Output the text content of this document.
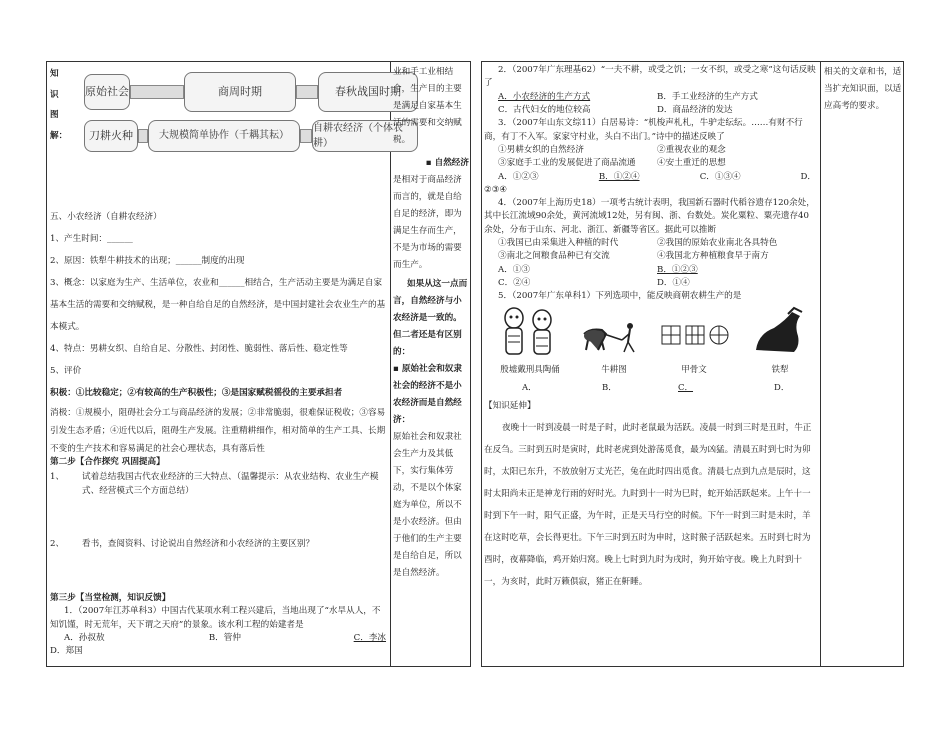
知
识
图
解：
原始社会	商周时期	春秋战国时期
刀耕火种	大规模简单协作（千耦其耘）
自耕农经济（个体农耕）

五、小农经济（自耕农经济）

1、产生时间：______

2、原因：铁犁牛耕技术的出现；______制度的出现

3、概念：以家庭为生产、生活单位，农业和______相结合，生产活动主要是为满足自家基本生活的需要和交纳赋税，是一种自给自足的自然经济，是中国封建社会农业生产的基本模式。

4、特点：男耕女织、自给自足、分散性、封闭性、脆弱性、落后性、稳定性等

5、评价

积极：①比较稳定；②有较高的生产积极性；③是国家赋税徭役的主要承担者

消极：①规模小，阻碍社会分工与商品经济的发展；②非常脆弱，很难保证税收；③容易引发生态矛盾；④近代以后，阻碍生产发展。注重精耕细作，相对简单的生产工具、长期不变的生产技术和容易满足的社会心理状态，具有落后性

第二步【合作探究 巩固提高】

1、	试着总结我国古代农业经济的三大特点、（温馨提示：从农业结构、农业生产模式、经营模式三个方面总结）
2、	看书，查阅资料、讨论说出自然经济和小农经济的主要区别？

第三步【当堂检测，知识反馈】

1．（2007年江苏单科3）中国古代某项水利工程兴建后，当地出现了“水旱从人，不知饥馑，时无荒年，天下谓之天府”的景象。该水利工程的始建者是

A．孙叔敖	B．管仲	C．李冰

D．郑国

业和手工业相结合，生产目的主要是满足自家基本生活的需要和交纳赋税。

▪ 自然经济

是相对于商品经济而言的，就是自给自足的经济，即为满足生存而生产，不是为市场的需要而生产。

如果从这一点而言，自然经济与小农经济是一致的。但二者还是有区别的：

▪ 原始社会和奴隶社会的经济不是小农经济而是自然经济：

原始社会和奴隶社会生产力及其低下，实行集体劳动，不是以个体家庭为单位，所以不是小农经济。但由于他们的生产主要是自给自足，所以是自然经济。

2．（2007年广东理基62）“一夫不耕，或受之饥；一女不织，或受之寒”这句话反映了

A．小农经济的生产方式	B．手工业经济的生产方式
C．古代妇女的地位较高	D．商品经济的发达

3．（2007年山东文综11）白居易诗：“机梭声札札，牛驴走纭纭。……有财不行商，有丁不入军。家家守村业，头白不出门。”诗中的描述反映了

①男耕女织的自然经济	②重视农业的观念
③家庭手工业的发展促进了商品流通	④安土重迁的思想
A．①②③	B．①②④	C．①③④	D．

②③④

4．（2007年上海历史18）一项考古统计表明，我国新石器时代稻谷遗存120余处，其中长江流域90余处，黄河流域12处，另有闽、浙、台数处。炭化粟粒、粟壳遗存40余处，分布于山东、河北、浙江、新疆等省区。据此可以推断

①我国已由采集进入种植的时代	②我国的原始农业南北各具特色
③南北之间粮食品种已有交流	④我国北方种植粮食早于南方
A．①③	B．①②③
C．②④	D．①④

5．（2007年广东单科1）下列选项中，能反映商朝农耕生产的是

殷墟戴刑具陶俑	牛耕图	甲骨文	铁犁
A．	B．	C．	D．

【知识延伸】

夜晚十一时到凌晨一时是子时，此时老鼠最为活跃。凌晨一时到三时是丑时，牛正在反刍。三时到五时是寅时，此时老虎到处游荡觅食，最为凶猛。清晨五时到七时为卯时，太阳已东升，不放放射万丈光芒，兔在此时四出觅食。清晨七点到九点是辰时，这时太阳尚未正是神龙行雨的好时光。九时到十一时为巳时，蛇开始活跃起来。上午十一时到下午一时，阳气正盛，为午时，正是天马行空的时候。下午一时到三时是未时，羊在这时吃草，会长得更壮。下午三时到五时为申时，这时猴子活跃起来。五时到七时为酉时，夜幕降临，鸡开始归窝。晚上七时到九时为戌时，狗开始守夜。晚上九时到十一，为亥时，此时万籁俱寂，猪正在鼾睡。

相关的文章和书，适当扩充知识面，以适应高考的要求。
